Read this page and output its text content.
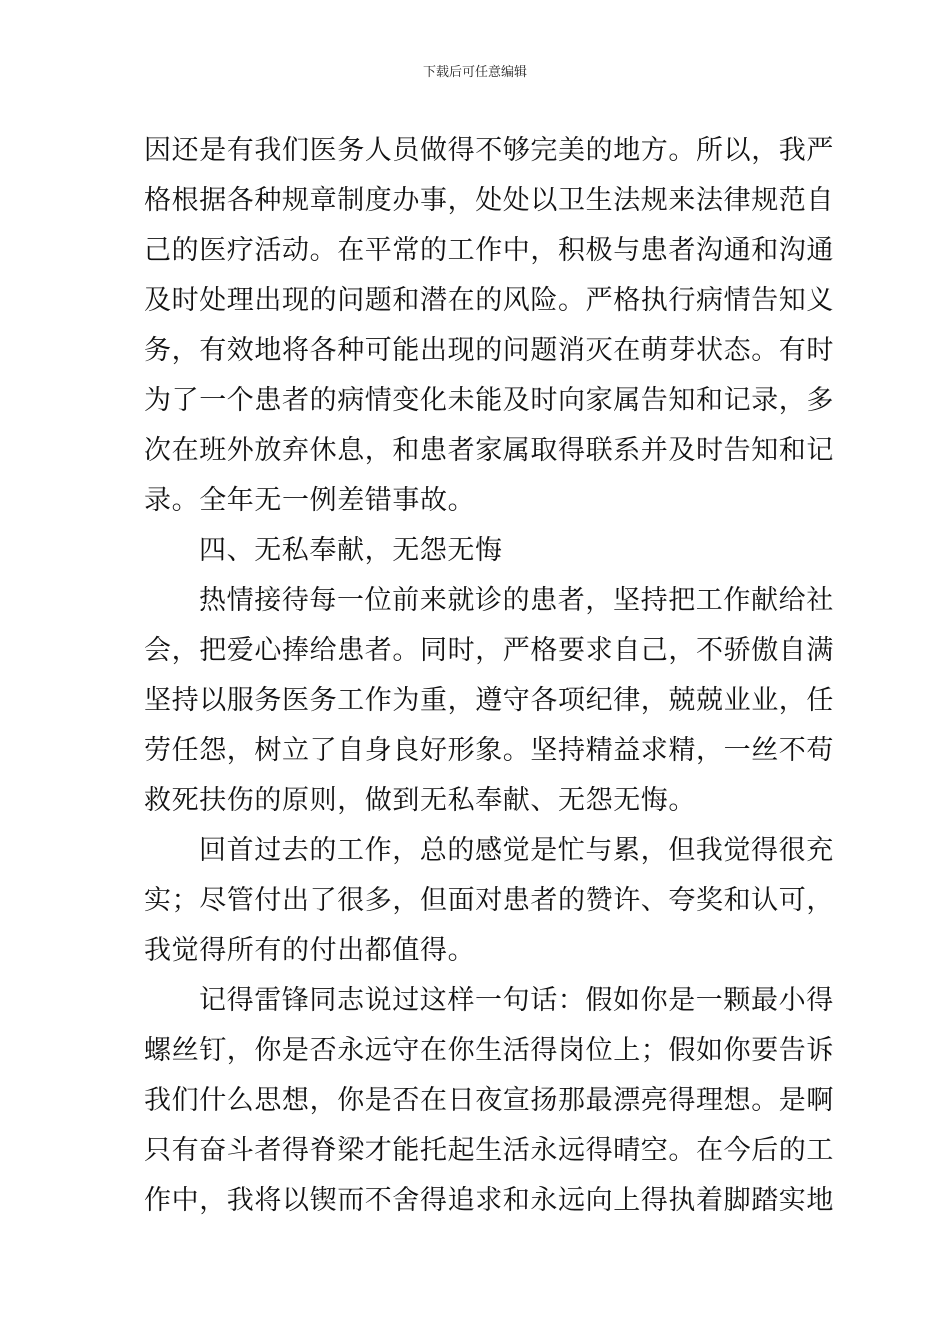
下载后可任意编辑
因还是有我们医务人员做得不够完美的地方。所以，我严
格根据各种规章制度办事，处处以卫生法规来法律规范自
己的医疗活动。在平常的工作中，积极与患者沟通和沟通
及时处理出现的问题和潜在的风险。严格执行病情告知义
务，有效地将各种可能出现的问题消灭在萌芽状态。有时
为了一个患者的病情变化未能及时向家属告知和记录，多
次在班外放弃休息，和患者家属取得联系并及时告知和记
录。全年无一例差错事故。
四、无私奉献，无怨无悔
热情接待每一位前来就诊的患者，坚持把工作献给社
会，把爱心捧给患者。同时，严格要求自己，不骄傲自满
坚持以服务医务工作为重，遵守各项纪律，兢兢业业，任
劳任怨，树立了自身良好形象。坚持精益求精，一丝不苟
救死扶伤的原则，做到无私奉献、无怨无悔。
回首过去的工作，总的感觉是忙与累，但我觉得很充
实；尽管付出了很多，但面对患者的赞许、夸奖和认可，
我觉得所有的付出都值得。
记得雷锋同志说过这样一句话：假如你是一颗最小得
螺丝钉，你是否永远守在你生活得岗位上；假如你要告诉
我们什么思想，你是否在日夜宣扬那最漂亮得理想。是啊
只有奋斗者得脊梁才能托起生活永远得晴空。在今后的工
作中，我将以锲而不舍得追求和永远向上得执着脚踏实地
